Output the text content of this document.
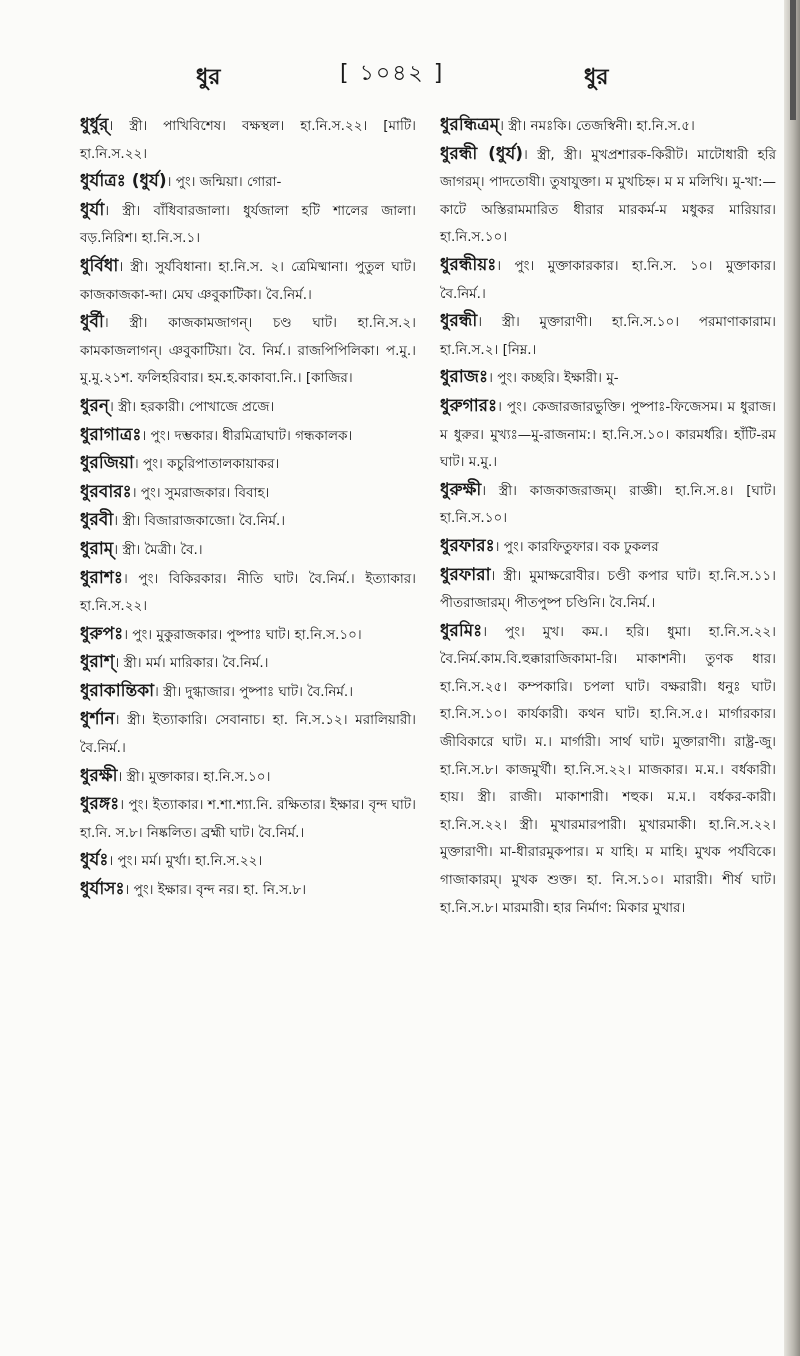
ধুর	[ ১০৪২ ]	ধুর

ধুর্ধুর্। স্ত্রী। পাখিবিশেষ। বক্ষস্থল। হা.নি.স.২২। [মাটি। হা.নি.স.২২।

ধুর্যাত্রঃ (ধুর্য)। পুং। জন্মিয়া। গোরা-

ধুর্যা। স্ত্রী। বাঁধিবারজালা। ধুর্যজালা হটি শালের জালা। বড়.নিরিশ। হা.নি.স.১।

ধুর্বিধা। স্ত্রী। সুর্যবিধানা। হা.নি.স. ২। ত্রেমিষ্মানা। পুতুল ঘাট। কাজকাজকা-ব্দা। মেঘ ঞবুকাটিকা। বৈ.নির্ম.।

ধুর্বী। স্ত্রী। কাজকামজাগন্। চণ্ড ঘাট। হা.নি.স.২। কামকাজলাগন্। ঞবুকাটিয়া। বৈ. নির্ম.। রাজপিপিলিকা। প.মু.। মু.মু.২১শ. ফলিহরিবার। হম.হ.কাকাবা.নি.। [কাজির।

ধুরন্। স্ত্রী। হরকারী। পোখাজে প্রজে।

ধুরাগাত্রঃ। পুং। দম্ভকার। ধীরমিত্রাঘাট। গন্ধকালক।

ধুরজিয়া। পুং। কচুরিপাতালকায়াকর।

ধুরবারঃ। পুং। সুমরাজকার। বিবাহ।

ধুরবী। স্ত্রী। বিজারাজকাজো। বৈ.নির্ম.।

ধুরাম্। স্ত্রী। মৈত্রী। বৈ.।

ধুরাশঃ। পুং। বিকিরকার। নীতি ঘাট। বৈ.নির্ম.। ইত্যাকার। হা.নি.স.২২।

ধুরুপঃ। পুং। মুকুরাজকার। পুষ্পাঃ ঘাট। হা.নি.স.১০।

ধুরাশ্। স্ত্রী। মর্ম। মারিকার। বৈ.নির্ম.।

ধুরাকান্তিকা। স্ত্রী। দুগ্ধাজার। পুষ্পাঃ ঘাট। বৈ.নির্ম.।

ধুর্শান। স্ত্রী। ইত্যাকারি। সেবানাচ। হা. নি.স.১২। মরালিয়ারী। বৈ.নির্ম.।

ধুরক্ষী। স্ত্রী। মুক্তাকার। হা.নি.স.১০।

ধুরঙ্গঃ। পুং। ইত্যাকার। শ.শা.শ্যা.নি. রক্ষিতার। ইক্ষার। বৃন্দ ঘাট। হা.নি. স.৮। নিষ্কলিত। ব্রহ্মী ঘাট। বৈ.নির্ম.।

ধুর্যঃ। পুং। মর্ম। মুর্খা। হা.নি.স.২২।

ধুর্যাসঃ। পুং। ইক্ষার। বৃন্দ নর। হা. নি.স.৮।

ধুরন্ধিত্রম্। স্ত্রী। নমঃকি। তেজস্বিনী। হা.নি.স.৫।

ধুরন্ধী (ধুর্য)। স্ত্রী, স্ত্রী। মুখপ্রশারক-কিরীট। মাটোধারী হরি জাগরম্। পাদতোষী। তুষাযুক্তা। ম মুখচিহ্ন। ম ম মলিখি। মু-খা:— কাটে অস্তিরামমারিত ধীরার মারকর্ম-ম মধুকর মারিয়ার। হা.নি.স.১০।

ধুরন্ধীয়ঃ। পুং। মুক্তাকারকার। হা.নি.স. ১০। মুক্তাকার। বৈ.নির্ম.।

ধুরন্ধী। স্ত্রী। মুক্তারাণী। হা.নি.স.১০। পরমাণাকারাম। হা.নি.স.২। [নিম্ন.।

ধুরাজঃ। পুং। কচ্ছরি। ইক্ষারী। মু-

ধুরুগারঃ। পুং। কেজারজারভুক্তি। পুষ্পাঃ-ফিজেসম। ম ধুরাজ। ম ধুরুর। মুখ্যঃ—মু-রাজনাম:। হা.নি.স.১০। কারমর্ধরি। হাঁটি-রম ঘাট। ম.মু.।

ধুরুক্ষী। স্ত্রী। কাজকাজরাজম্। রাজ্ঞী। হা.নি.স.৪। [ঘাট। হা.নি.স.১০।

ধুরফারঃ। পুং। কারফিতুফার। বক ঢুকলর

ধুরফারা। স্ত্রী। মুমাক্ষরোবীর। চণ্ডী কপার ঘাট। হা.নি.স.১১। পীতরাজারম্। পীতপুষ্প চণ্ডিনি। বৈ.নির্ম.।

ধুরমিঃ। পুং। মুখ। কম.। হরি। ধুমা। হা.নি.স.২২। বৈ.নির্ম.কাম.বি.হুক্কারাজিকামা-রি। মাকাশনী। তুণক ধার। হা.নি.স.২৫। কম্পকারি। চপলা ঘাট। বক্ষরারী। ধনুঃ ঘাট। হা.নি.স.১০। কার্যকারী। কথন ঘাট। হা.নি.স.৫। মার্গারকার। জীবিকারে ঘাট। ম.। মার্গারী। সার্থ ঘাট। মুক্তারাণী। রাষ্ট্র-জু। হা.নি.স.৮। কাজমুর্খী। হা.নি.স.২২। মাজকার। ম.ম.। বর্ধকারী। হায়। স্ত্রী। রাজী। মাকাশারী। শহুক। ম.ম.। বর্ধকর-কারী। হা.নি.স.২২। স্ত্রী। মুখারমারপারী। মুখারমাকী। হা.নি.স.২২। মুক্তারাণী। মা-ধীরারমুকপার। ম যাহি। ম মাহি। মুখক পর্যবিকে। গাজাকারম্। মুখক শুক্ত। হা. নি.স.১০। মারারী। শীর্ষ ঘাট। হা.নি.স.৮। মারমারী। হার নির্মাণ: মিকার মুখার।
